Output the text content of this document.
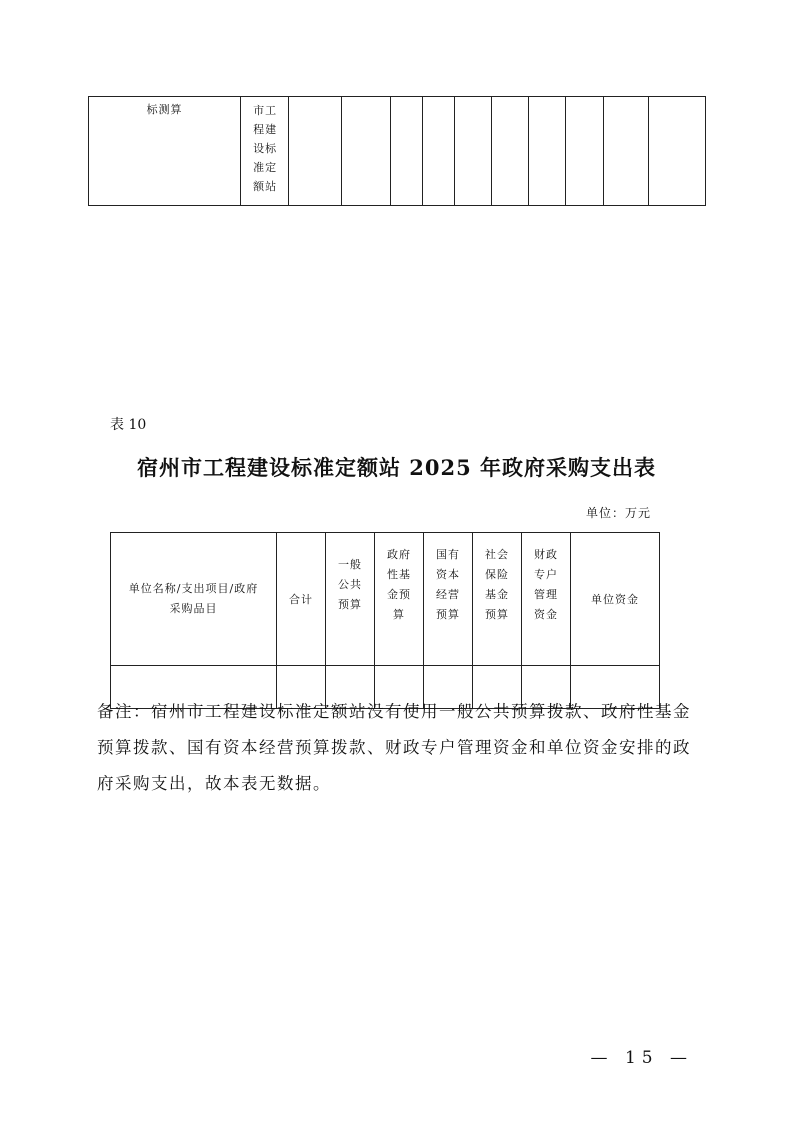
标测算	市工
程建
设标
准定
额站										
表 10
宿州市工程建设标准定额站 2025 年政府采购支出表
单位：万元
单位名称/支出项目/政府采购品目	合计	一般
公共
预算	政府
性基
金预
算	国有
资本
经营
预算	社会
保险
基金
预算	财政
专户
管理
资金	单位资金

备注：宿州市工程建设标准定额站没有使用一般公共预算拨款、政府性基金预算拨款、国有资本经营预算拨款、财政专户管理资金和单位资金安排的政府采购支出，故本表无数据。
— 15 —
